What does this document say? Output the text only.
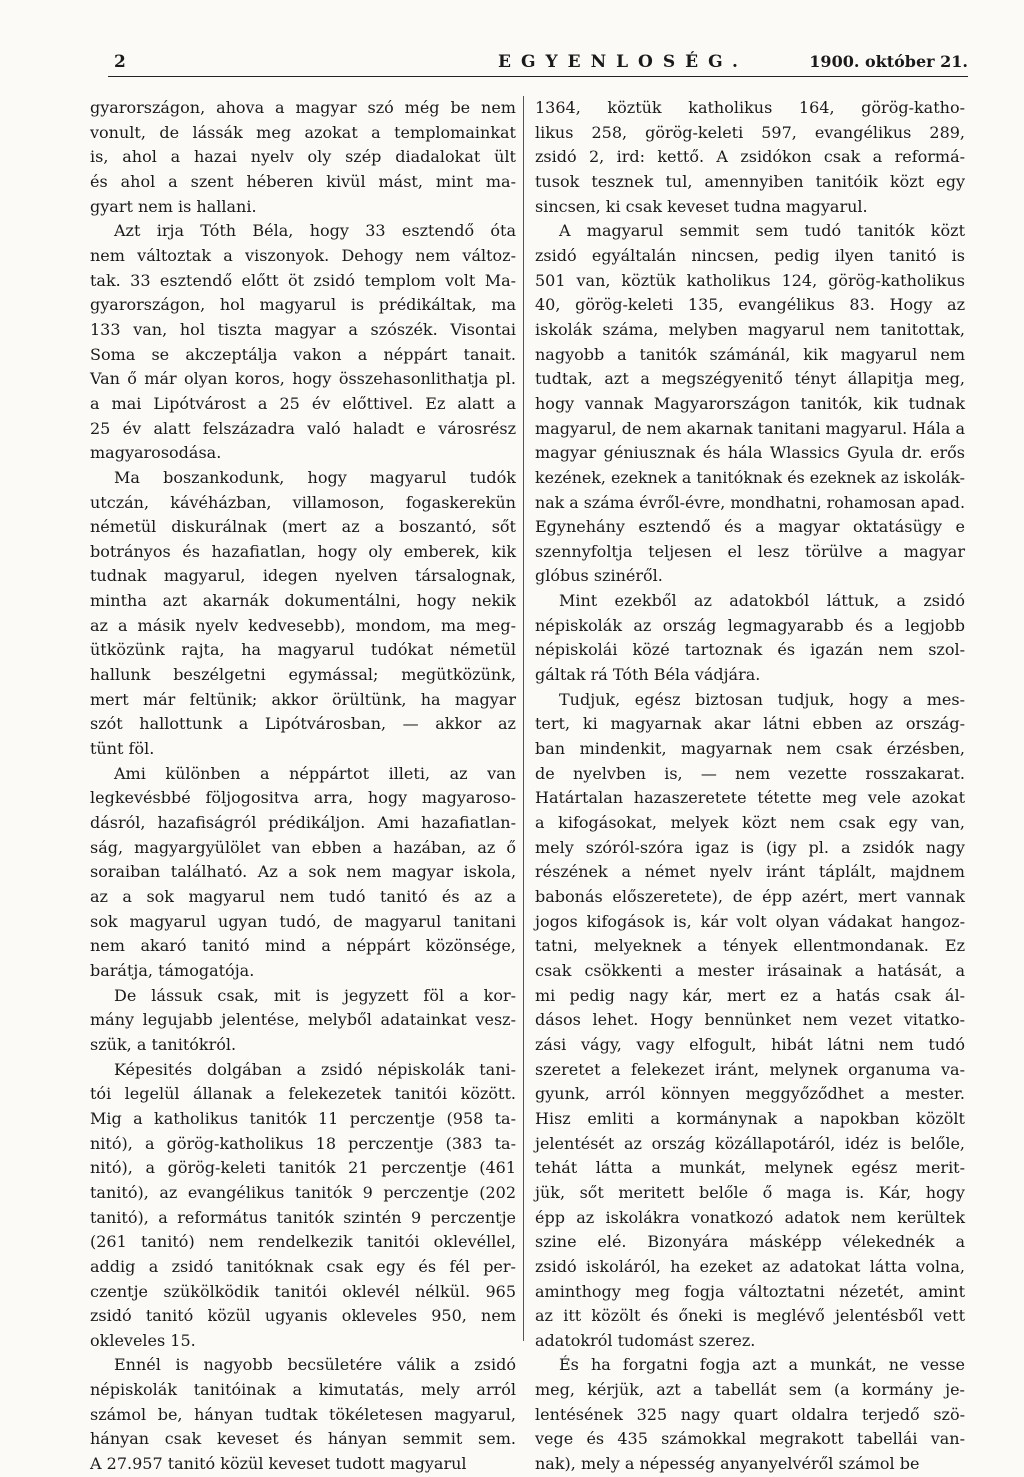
2	EGYENLOSÉG.	1900. október 21.

gyarországon, ahova a magyar szó még be nem
vonult, de lássák meg azokat a templomainkat
is, ahol a hazai nyelv oly szép diadalokat ült
és ahol a szent héberen kivül mást, mint ma-
gyart nem is hallani.

Azt irja Tóth Béla, hogy 33 esztendő óta
nem változtak a viszonyok. Dehogy nem változ-
tak. 33 esztendő előtt öt zsidó templom volt Ma-
gyarországon, hol magyarul is prédikáltak, ma
133 van, hol tiszta magyar a szószék. Visontai
Soma se akczeptálja vakon a néppárt tanait.
Van ő már olyan koros, hogy összehasonlithatja pl.
a mai Lipótvárost a 25 év előttivel. Ez alatt a
25 év alatt felszázadra való haladt e városrész
magyarosodása.

Ma boszankodunk, hogy magyarul tudók
utczán, kávéházban, villamoson, fogaskerekün
németül diskurálnak (mert az a boszantó, sőt
botrányos és hazafiatlan, hogy oly emberek, kik
tudnak magyarul, idegen nyelven társalognak,
mintha azt akarnák dokumentálni, hogy nekik
az a másik nyelv kedvesebb), mondom, ma meg-
ütközünk rajta, ha magyarul tudókat németül
hallunk beszélgetni egymással; megütközünk,
mert már feltünik; akkor örültünk, ha magyar
szót hallottunk a Lipótvárosban, — akkor az
tünt föl.

Ami különben a néppártot illeti, az van
legkevésbbé följogositva arra, hogy magyaroso-
dásról, hazafiságról prédikáljon. Ami hazafiatlan-
ság, magyargyülölet van ebben a hazában, az ő
soraiban található. Az a sok nem magyar iskola,
az a sok magyarul nem tudó tanitó és az a
sok magyarul ugyan tudó, de magyarul tanitani
nem akaró tanitó mind a néppárt közönsége,
barátja, támogatója.

De lássuk csak, mit is jegyzett föl a kor-
mány legujabb jelentése, melyből adatainkat vesz-
szük, a tanitókról.

Képesités dolgában a zsidó népiskolák tani-
tói legelül állanak a felekezetek tanitói között.
Mig a katholikus tanitók 11 perczentje (958 ta-
nitó), a görög-katholikus 18 perczentje (383 ta-
nitó), a görög-keleti tanitók 21 perczentje (461
tanitó), az evangélikus tanitók 9 perczentje (202
tanitó), a református tanitók szintén 9 perczentje
(261 tanitó) nem rendelkezik tanitói oklevéllel,
addig a zsidó tanitóknak csak egy és fél per-
czentje szükölködik tanitói oklevél nélkül. 965
zsidó tanitó közül ugyanis okleveles 950, nem
okleveles 15.

Ennél is nagyobb becsületére válik a zsidó
népiskolák tanitóinak a kimutatás, mely arról
számol be, hányan tudtak tökéletesen magyarul,
hányan csak keveset és hányan semmit sem.
A 27.957 tanitó közül keveset tudott magyarul

1364, köztük katholikus 164, görög-katho-
likus 258, görög-keleti 597, evangélikus 289,
zsidó 2, ird: kettő. A zsidókon csak a reformá-
tusok tesznek tul, amennyiben tanitóik közt egy
sincsen, ki csak keveset tudna magyarul.

A magyarul semmit sem tudó tanitók közt
zsidó egyáltalán nincsen, pedig ilyen tanitó is
501 van, köztük katholikus 124, görög-katholikus
40, görög-keleti 135, evangélikus 83. Hogy az
iskolák száma, melyben magyarul nem tanitottak,
nagyobb a tanitók számánál, kik magyarul nem
tudtak, azt a megszégyenitő tényt állapitja meg,
hogy vannak Magyarországon tanitók, kik tudnak
magyarul, de nem akarnak tanitani magyarul. Hála a
magyar géniusznak és hála Wlassics Gyula dr. erős
kezének, ezeknek a tanitóknak és ezeknek az iskolák-
nak a száma évről-évre, mondhatni, rohamosan apad.
Egynehány esztendő és a magyar oktatásügy e
szennyfoltja teljesen el lesz törülve a magyar
glóbus szinéről.

Mint ezekből az adatokból láttuk, a zsidó
népiskolák az ország legmagyarabb és a legjobb
népiskolái közé tartoznak és igazán nem szol-
gáltak rá Tóth Béla vádjára.

Tudjuk, egész biztosan tudjuk, hogy a mes-
tert, ki magyarnak akar látni ebben az ország-
ban mindenkit, magyarnak nem csak érzésben,
de nyelvben is, — nem vezette rosszakarat.
Határtalan hazaszeretete tétette meg vele azokat
a kifogásokat, melyek közt nem csak egy van,
mely szóról-szóra igaz is (igy pl. a zsidók nagy
részének a német nyelv iránt táplált, majdnem
babonás előszeretete), de épp azért, mert vannak
jogos kifogások is, kár volt olyan vádakat hangoz-
tatni, melyeknek a tények ellentmondanak. Ez
csak csökkenti a mester irásainak a hatását, a
mi pedig nagy kár, mert ez a hatás csak ál-
dásos lehet. Hogy bennünket nem vezet vitatko-
zási vágy, vagy elfogult, hibát látni nem tudó
szeretet a felekezet iránt, melynek organuma va-
gyunk, arról könnyen meggyőződhet a mester.
Hisz emliti a kormánynak a napokban közölt
jelentését az ország közállapotáról, idéz is belőle,
tehát látta a munkát, melynek egész merit-
jük, sőt meritett belőle ő maga is. Kár, hogy
épp az iskolákra vonatkozó adatok nem kerültek
szine elé. Bizonyára másképp vélekednék a
zsidó iskoláról, ha ezeket az adatokat látta volna,
aminthogy meg fogja változtatni nézetét, amint
az itt közölt és őneki is meglévő jelentésből vett
adatokról tudomást szerez.

És ha forgatni fogja azt a munkát, ne vesse
meg, kérjük, azt a tabellát sem (a kormány je-
lentésének 325 nagy quart oldalra terjedő szö-
vege és 435 számokkal megrakott tabellái van-
nak), mely a népesség anyanyelvéről számol be
